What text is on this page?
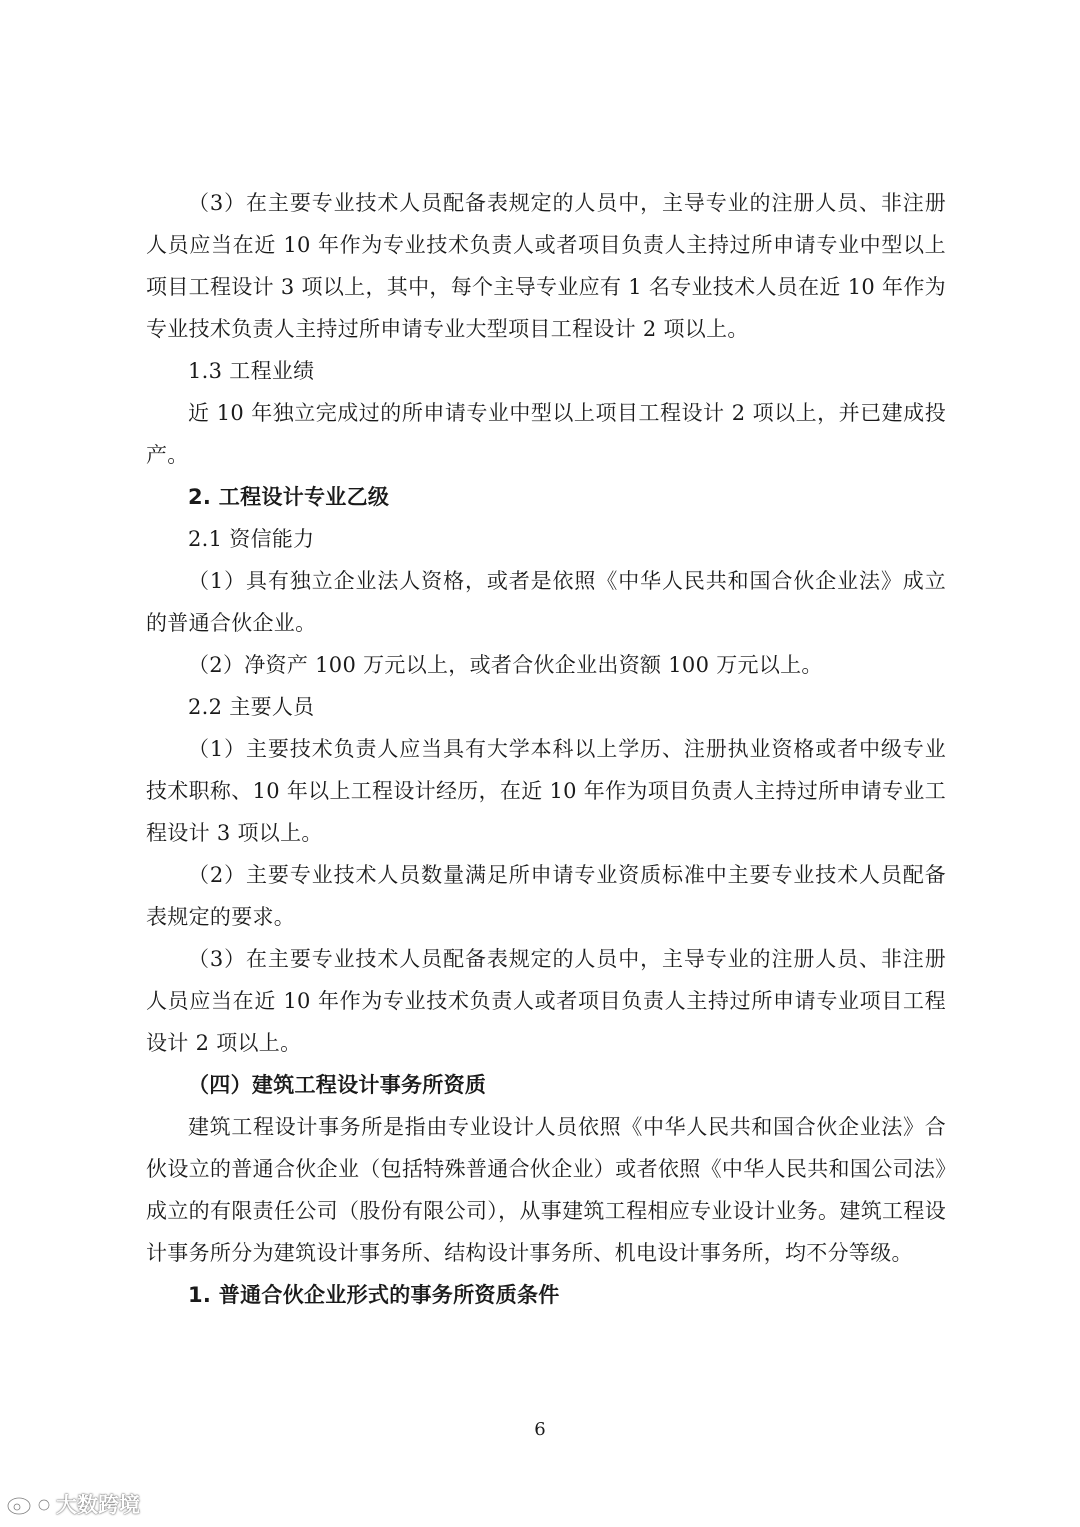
（3）在主要专业技术人员配备表规定的人员中，主导专业的注册人员、非注册人员应当在近 10 年作为专业技术负责人或者项目负责人主持过所申请专业中型以上项目工程设计 3 项以上，其中，每个主导专业应有 1 名专业技术人员在近 10 年作为专业技术负责人主持过所申请专业大型项目工程设计 2 项以上。

1.3 工程业绩

近 10 年独立完成过的所申请专业中型以上项目工程设计 2 项以上，并已建成投产。

2. 工程设计专业乙级

2.1 资信能力

（1）具有独立企业法人资格，或者是依照《中华人民共和国合伙企业法》成立的普通合伙企业。

（2）净资产 100 万元以上，或者合伙企业出资额 100 万元以上。

2.2 主要人员

（1）主要技术负责人应当具有大学本科以上学历、注册执业资格或者中级专业技术职称、10 年以上工程设计经历，在近 10 年作为项目负责人主持过所申请专业工程设计 3 项以上。

（2）主要专业技术人员数量满足所申请专业资质标准中主要专业技术人员配备表规定的要求。

（3）在主要专业技术人员配备表规定的人员中，主导专业的注册人员、非注册人员应当在近 10 年作为专业技术负责人或者项目负责人主持过所申请专业项目工程设计 2 项以上。

（四）建筑工程设计事务所资质

建筑工程设计事务所是指由专业设计人员依照《中华人民共和国合伙企业法》合伙设立的普通合伙企业（包括特殊普通合伙企业）或者依照《中华人民共和国公司法》成立的有限责任公司（股份有限公司），从事建筑工程相应专业设计业务。建筑工程设计事务所分为建筑设计事务所、结构设计事务所、机电设计事务所，均不分等级。

1. 普通合伙企业形式的事务所资质条件

6
大数跨境
